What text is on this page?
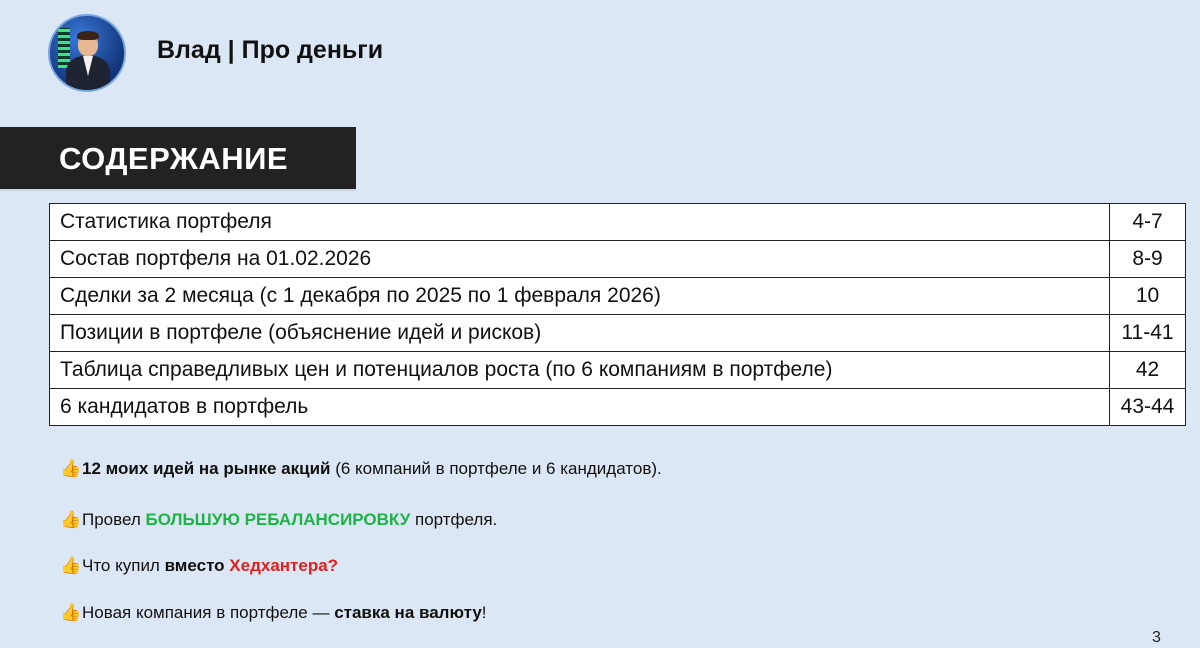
Влад | Про деньги
СОДЕРЖАНИЕ
Статистика портфеля	4-7
Состав портфеля на 01.02.2026	8-9
Сделки за 2 месяца (с 1 декабря по 2025 по 1 февраля 2026)	10
Позиции в портфеле (объяснение идей и рисков)	11-41
Таблица справедливых цен и потенциалов роста (по 6 компаниям в портфеле)	42
6 кандидатов в портфель	43-44
👍12 моих идей на рынке акций (6 компаний в портфеле и 6 кандидатов).
👍Провел БОЛЬШУЮ РЕБАЛАНСИРОВКУ портфеля.
👍Что купил вместо Хедхантера?
👍Новая компания в портфеле — ставка на валюту!
3
